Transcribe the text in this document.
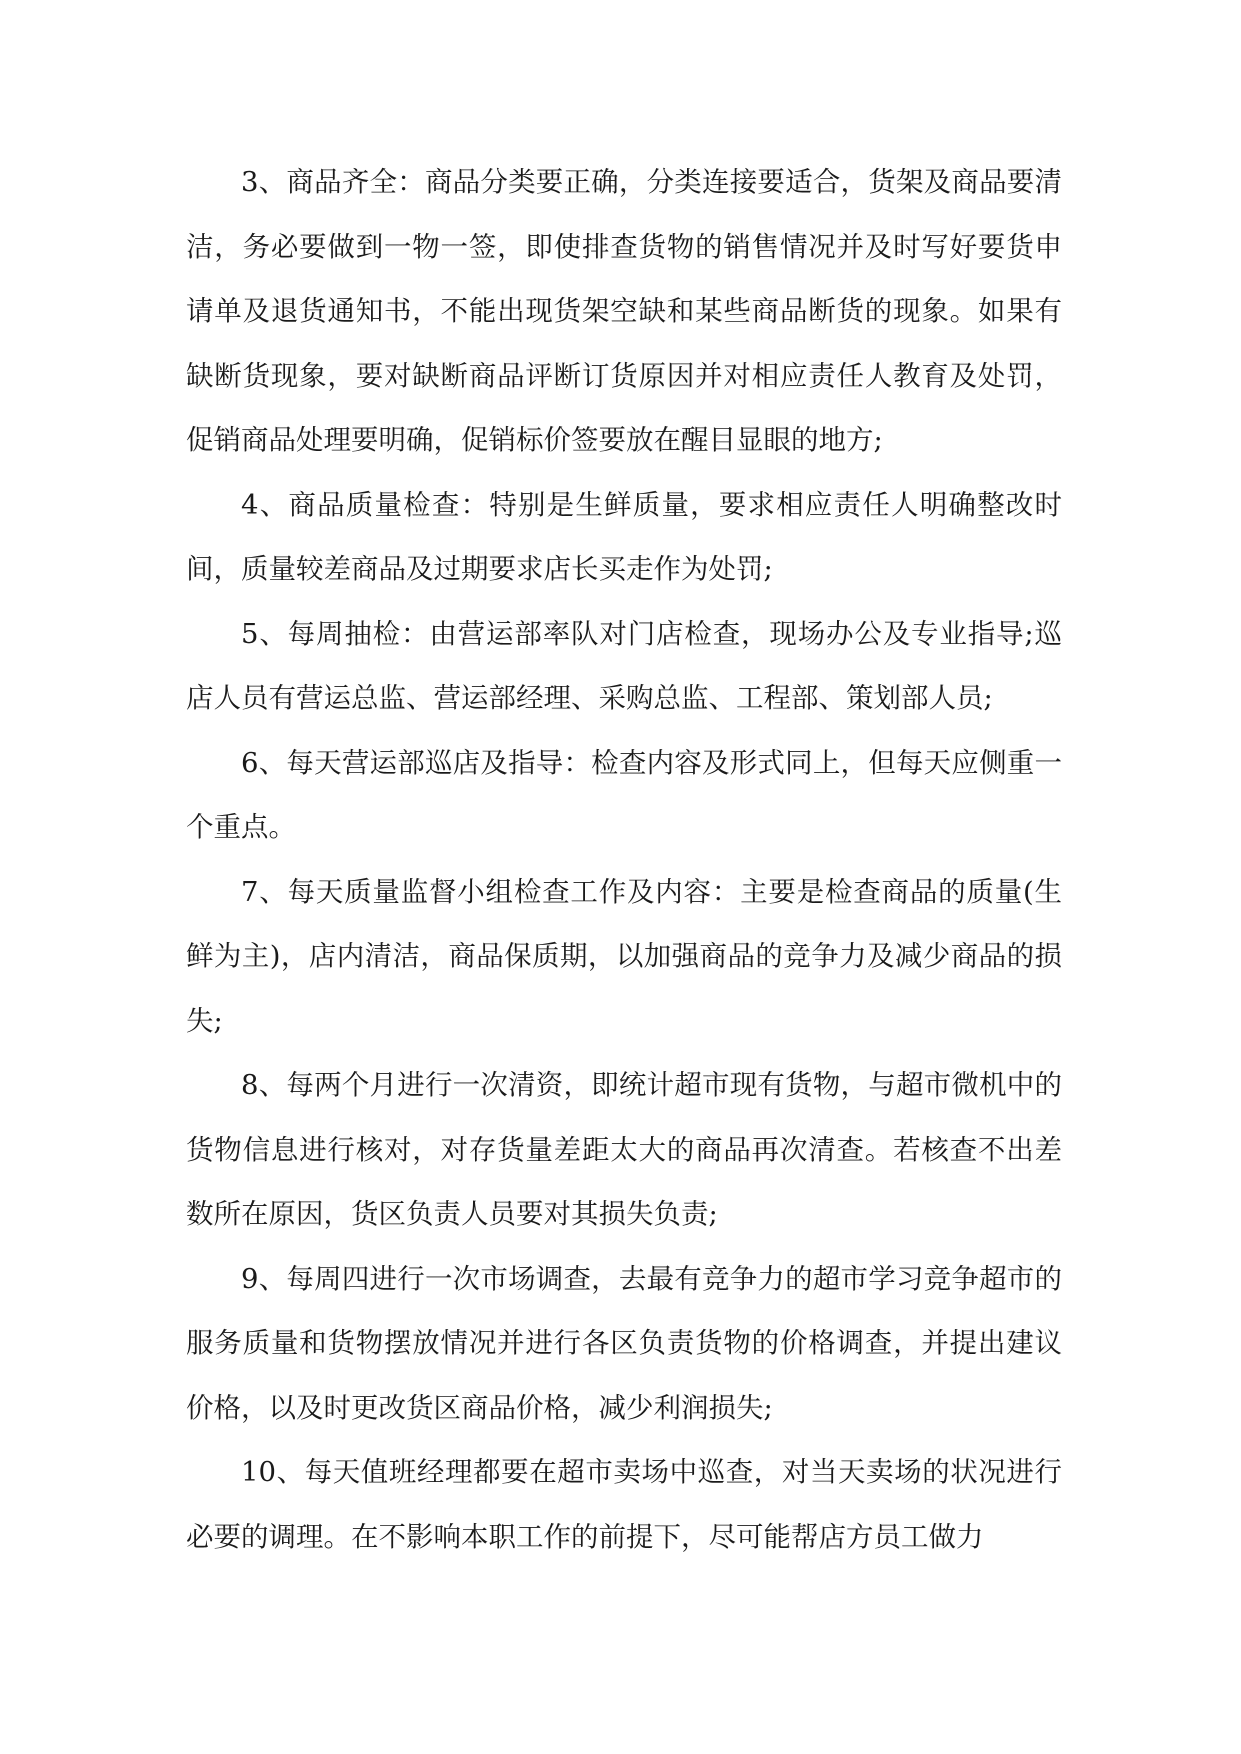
3、商品齐全：商品分类要正确，分类连接要适合，货架及商品要清洁，务必要做到一物一签，即使排查货物的销售情况并及时写好要货申请单及退货通知书，不能出现货架空缺和某些商品断货的现象。如果有缺断货现象，要对缺断商品评断订货原因并对相应责任人教育及处罚，促销商品处理要明确，促销标价签要放在醒目显眼的地方;

4、商品质量检查：特别是生鲜质量，要求相应责任人明确整改时间，质量较差商品及过期要求店长买走作为处罚;

5、每周抽检：由营运部率队对门店检查，现场办公及专业指导;巡店人员有营运总监、营运部经理、采购总监、工程部、策划部人员;

6、每天营运部巡店及指导：检查内容及形式同上，但每天应侧重一个重点。

7、每天质量监督小组检查工作及内容：主要是检查商品的质量(生鲜为主)，店内清洁，商品保质期，以加强商品的竞争力及减少商品的损失;

8、每两个月进行一次清资，即统计超市现有货物，与超市微机中的货物信息进行核对，对存货量差距太大的商品再次清查。若核查不出差数所在原因，货区负责人员要对其损失负责;

9、每周四进行一次市场调查，去最有竞争力的超市学习竞争超市的服务质量和货物摆放情况并进行各区负责货物的价格调查，并提出建议价格，以及时更改货区商品价格，减少利润损失;

10、每天值班经理都要在超市卖场中巡查，对当天卖场的状况进行必要的调理。在不影响本职工作的前提下，尽可能帮店方员工做力
